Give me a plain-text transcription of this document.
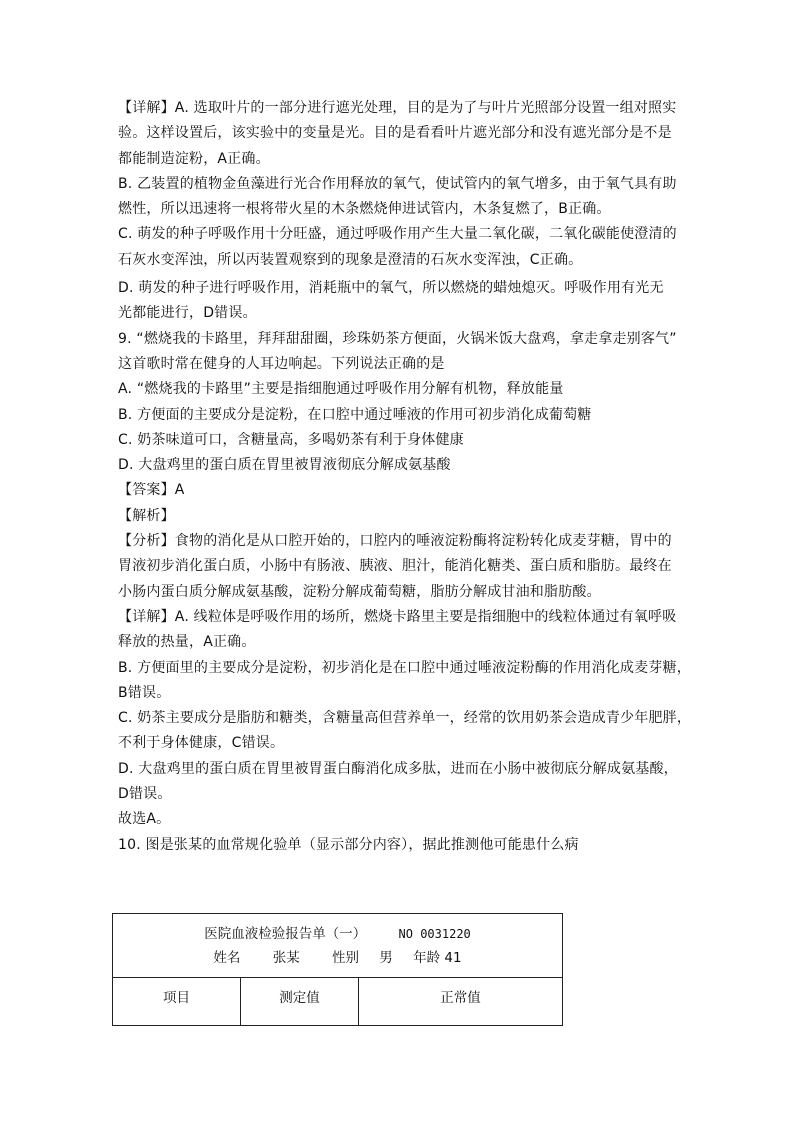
【详解】A. 选取叶片的一部分进行遮光处理，目的是为了与叶片光照部分设置一组对照实
验。这样设置后，该实验中的变量是光。目的是看看叶片遮光部分和没有遮光部分是不是
都能制造淀粉，A正确。
B. 乙装置的植物金鱼藻进行光合作用释放的氧气，使试管内的氧气增多，由于氧气具有助
燃性，所以迅速将一根将带火星的木条燃烧伸进试管内，木条复燃了，B正确。
C. 萌发的种子呼吸作用十分旺盛，通过呼吸作用产生大量二氧化碳，二氧化碳能使澄清的
石灰水变浑浊，所以丙装置观察到的现象是澄清的石灰水变浑浊，C正确。
D. 萌发的种子进行呼吸作用，消耗瓶中的氧气，所以燃烧的蜡烛熄灭。呼吸作用有光无
光都能进行，D错误。
9. “燃烧我的卡路里，拜拜甜甜圈，珍珠奶茶方便面，火锅米饭大盘鸡，拿走拿走别客气”
这首歌时常在健身的人耳边响起。下列说法正确的是
A. “燃烧我的卡路里”主要是指细胞通过呼吸作用分解有机物，释放能量
B. 方便面的主要成分是淀粉，在口腔中通过唾液的作用可初步消化成葡萄糖
C. 奶茶味道可口，含糖量高，多喝奶茶有利于身体健康
D. 大盘鸡里的蛋白质在胃里被胃液彻底分解成氨基酸
【答案】A
【解析】
【分析】食物的消化是从口腔开始的，口腔内的唾液淀粉酶将淀粉转化成麦芽糖，胃中的
胃液初步消化蛋白质，小肠中有肠液、胰液、胆汁，能消化糖类、蛋白质和脂肪。最终在
小肠内蛋白质分解成氨基酸，淀粉分解成葡萄糖，脂肪分解成甘油和脂肪酸。
【详解】A. 线粒体是呼吸作用的场所，燃烧卡路里主要是指细胞中的线粒体通过有氧呼吸
释放的热量，A正确。
B. 方便面里的主要成分是淀粉，初步消化是在口腔中通过唾液淀粉酶的作用消化成麦芽糖，
B错误。
C. 奶茶主要成分是脂肪和糖类，含糖量高但营养单一，经常的饮用奶茶会造成青少年肥胖，
不利于身体健康，C错误。
D. 大盘鸡里的蛋白质在胃里被胃蛋白酶消化成多肽，进而在小肠中被彻底分解成氨基酸，
D错误。
故选A。
10. 图是张某的血常规化验单（显示部分内容），据此推测他可能患什么病
医院血液检验报告单（一）	NO 0031220
姓名 张某 性别 男 年龄 41

项目	测定值	正常值
